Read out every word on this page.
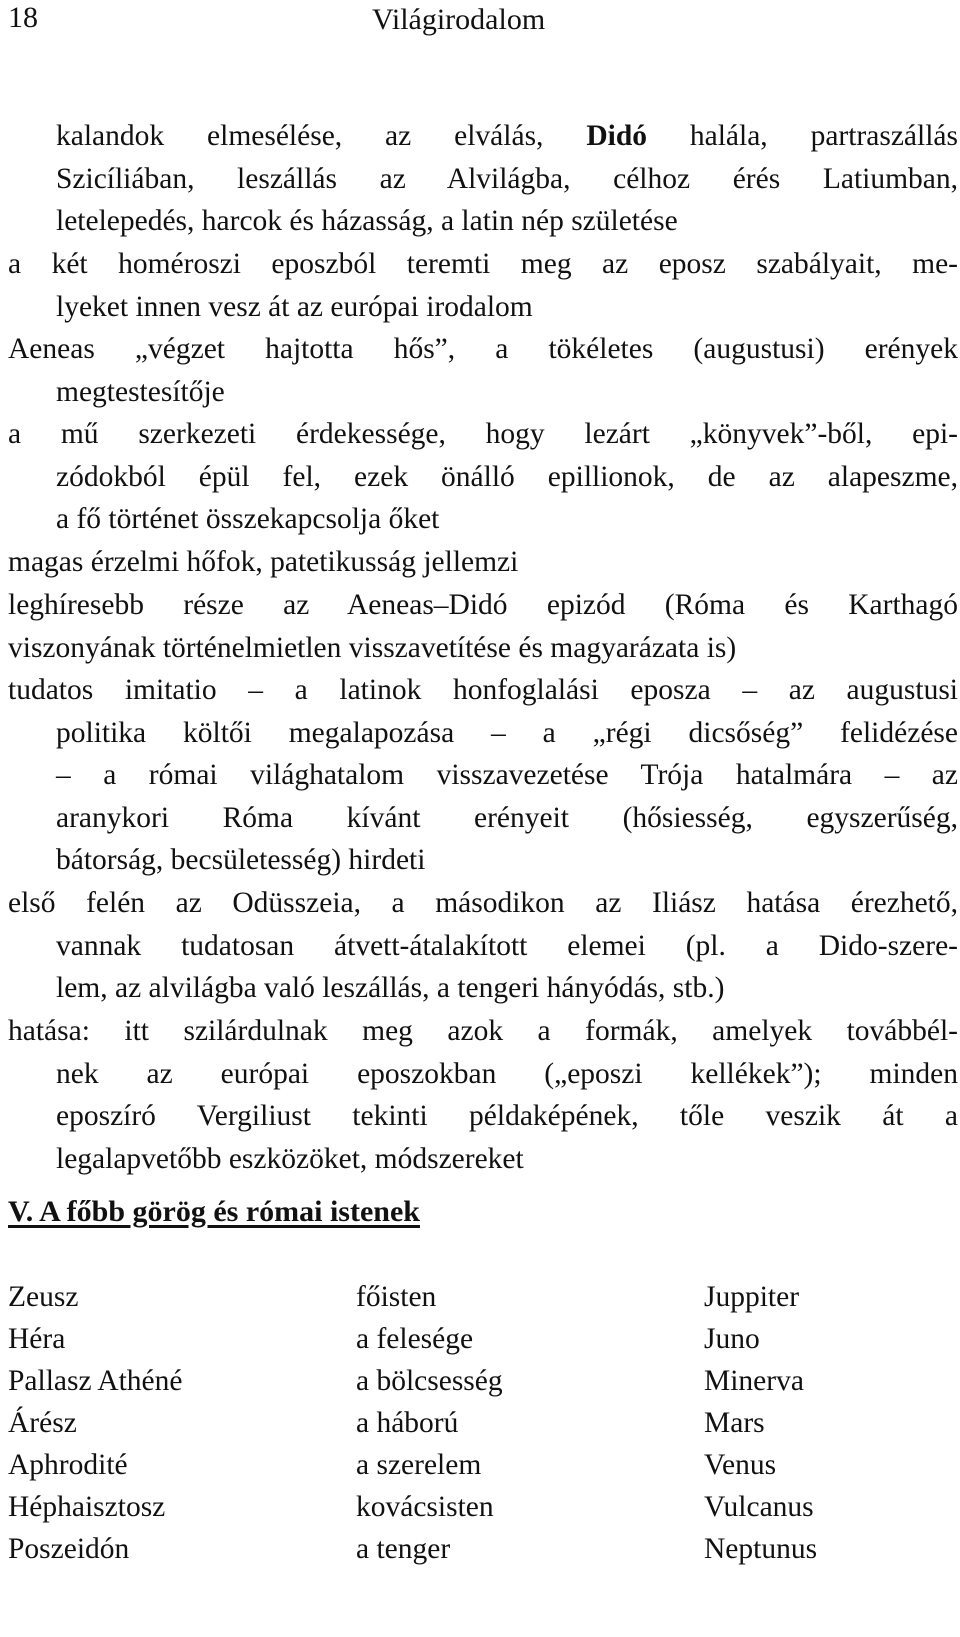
18	Világirodalom
kalandok elmesélése, az elválás, Didó halála, partraszállás
Szicíliában, leszállás az Alvilágba, célhoz érés Latiumban,
letelepedés, harcok és házasság, a latin nép születése
a két homéroszi eposzból teremti meg az eposz szabályait, me-
lyeket innen vesz át az európai irodalom
Aeneas „végzet hajtotta hős”, a tökéletes (augustusi) erények
megtestesítője
a mű szerkezeti érdekessége, hogy lezárt „könyvek”-ből, epi-
zódokból épül fel, ezek önálló epillionok, de az alapeszme,
a fő történet összekapcsolja őket
magas érzelmi hőfok, patetikusság jellemzi
leghíresebb része az Aeneas–Didó epizód (Róma és Karthagó
viszonyának történelmietlen visszavetítése és magyarázata is)
tudatos imitatio – a latinok honfoglalási eposza – az augustusi
politika költői megalapozása – a „régi dicsőség” felidézése
– a római világhatalom visszavezetése Trója hatalmára – az
aranykori Róma kívánt erényeit (hősiesség, egyszerűség,
bátorság, becsületesség) hirdeti
első felén az Odüsszeia, a másodikon az Iliász hatása érezhető,
vannak tudatosan átvett-átalakított elemei (pl. a Dido-szere-
lem, az alvilágba való leszállás, a tengeri hányódás, stb.)
hatása: itt szilárdulnak meg azok a formák, amelyek továbbél-
nek az európai eposzokban („eposzi kellékek”); minden
eposzíró Vergiliust tekinti példaképének, tőle veszik át a
legalapvetőbb eszközöket, módszereket
V. A főbb görög és római istenek
Zeusz	főisten	Juppiter
Héra	a felesége	Juno
Pallasz Athéné	a bölcsesség	Minerva
Árész	a háború	Mars
Aphrodité	a szerelem	Venus
Héphaisztosz	kovácsisten	Vulcanus
Poszeidón	a tenger	Neptunus
